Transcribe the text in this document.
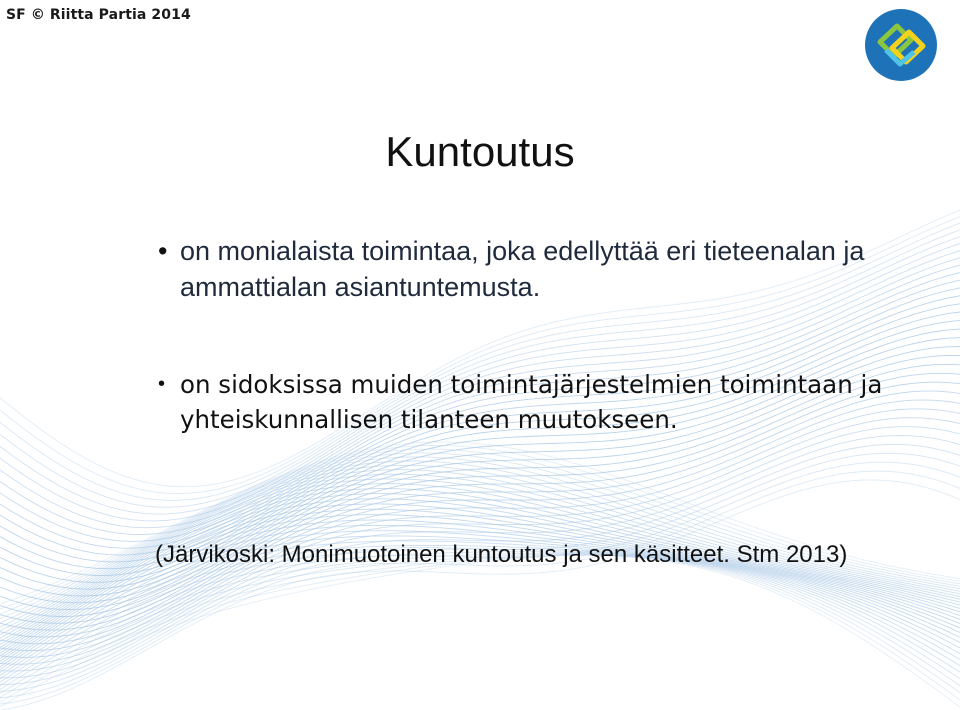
SF © Riitta Partia 2014
Kuntoutus
• on monialaista toimintaa, joka edellyttää eri tieteenalan ja ammattialan asiantuntemusta.
• on sidoksissa muiden toimintajärjestelmien toimintaan ja yhteiskunnallisen tilanteen muutokseen.
(Järvikoski: Monimuotoinen kuntoutus ja sen käsitteet. Stm 2013)
